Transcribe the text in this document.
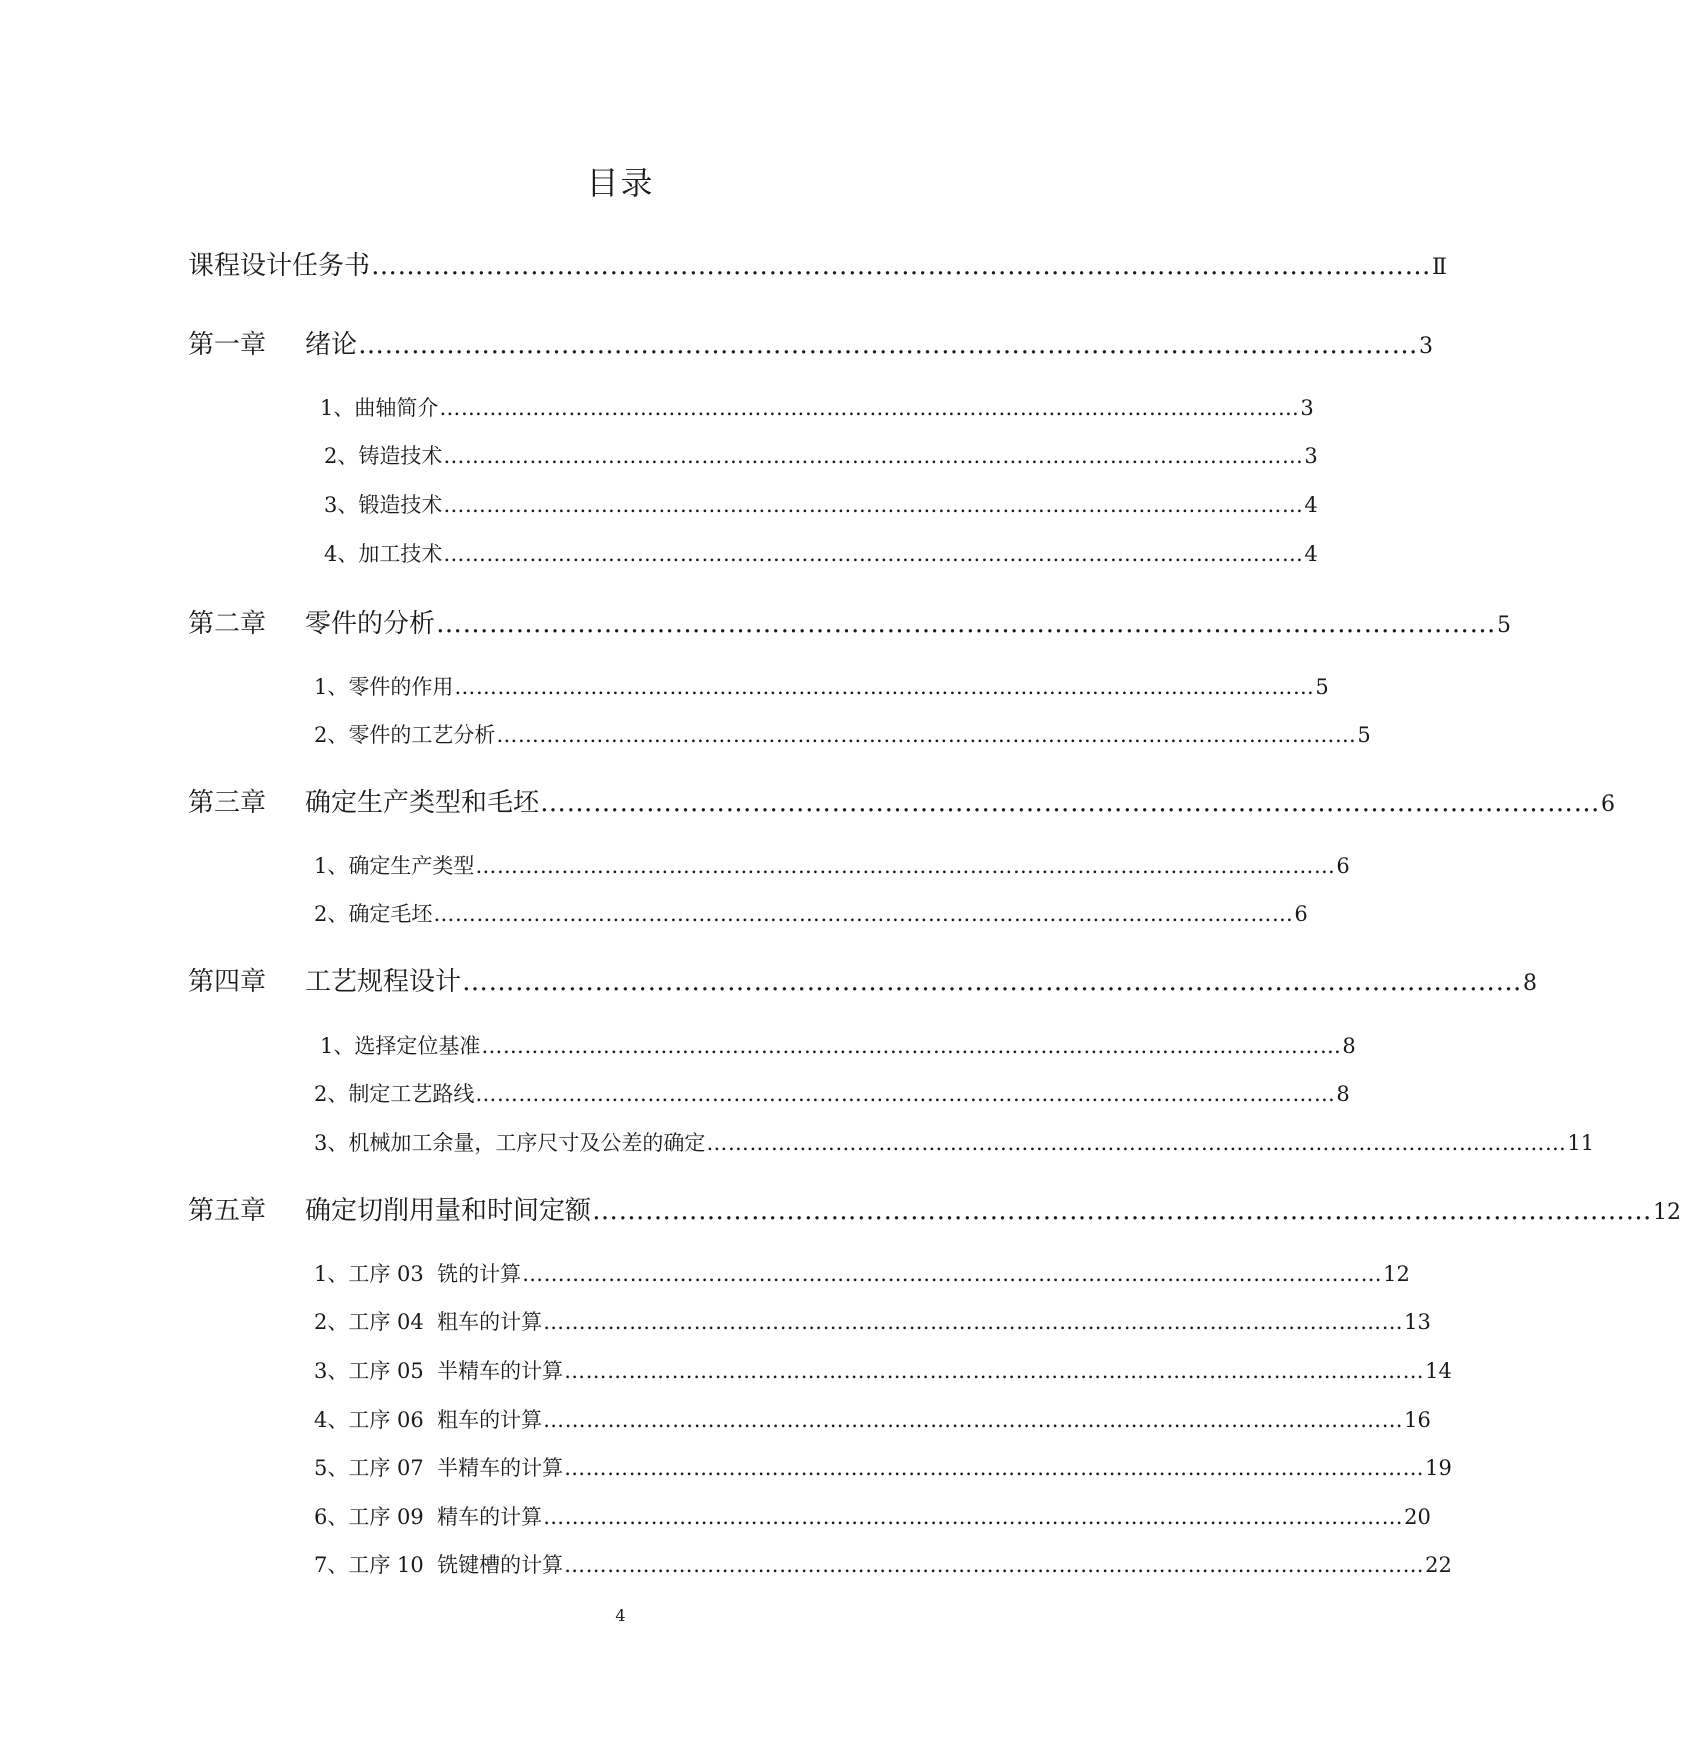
目录
课程设计任务书 ………………………………………………………………………………………………………… Ⅱ
第一章 绪论 ………………………………………………………………………………………………………… 3
1、曲轴简介 ………………………………………………………………………………………………………… 3
2、铸造技术 ………………………………………………………………………………………………………… 3
3、锻造技术 ………………………………………………………………………………………………………… 4
4、加工技术 ………………………………………………………………………………………………………… 4
第二章 零件的分析 ………………………………………………………………………………………………………… 5
1、零件的作用 ………………………………………………………………………………………………………… 5
2、零件的工艺分析 ………………………………………………………………………………………………………… 5
第三章 确定生产类型和毛坯 ………………………………………………………………………………………………………… 6
1、确定生产类型 ………………………………………………………………………………………………………… 6
2、确定毛坯 ………………………………………………………………………………………………………… 6
第四章 工艺规程设计 ………………………………………………………………………………………………………… 8
1、选择定位基准 ………………………………………………………………………………………………………… 8
2、制定工艺路线 ………………………………………………………………………………………………………… 8
3、机械加工余量，工序尺寸及公差的确定 ………………………………………………………………………………………………………… 11
第五章 确定切削用量和时间定额 ………………………………………………………………………………………………………… 12
1、工序 03  铣的计算 ………………………………………………………………………………………………………… 12
2、工序 04  粗车的计算 ………………………………………………………………………………………………………… 13
3、工序 05  半精车的计算 ………………………………………………………………………………………………………… 14
4、工序 06  粗车的计算 ………………………………………………………………………………………………………… 16
5、工序 07  半精车的计算 ………………………………………………………………………………………………………… 19
6、工序 09  精车的计算 ………………………………………………………………………………………………………… 20
7、工序 10  铣键槽的计算 ………………………………………………………………………………………………………… 22
4
